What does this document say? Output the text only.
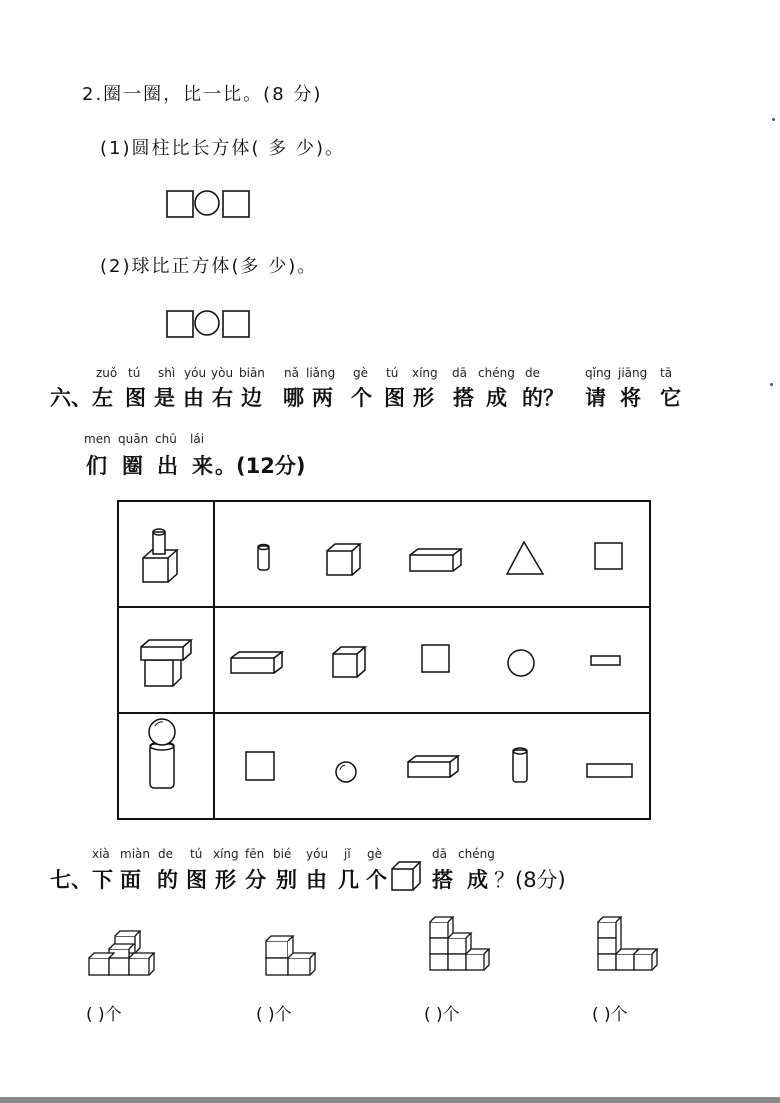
2.圈一圈，比一比。(8 分)
(1)圆柱比长方体( 多 少)。
(2)球比正方体(多 少)。
zuǒ tú shì yóu yòu biān nǎ liǎng gè tú xíng dā chéng de	qǐng jiāng tā
六、左 图 是 由 右 边 哪 两 个 图 形 搭 成 的？ 请 将 它
men quān chū lái
们 圈 出 来 。(12分)
xià miàn de tú xíng fēn bié yóu jǐ gè	dā chéng
七、下 面 的 图 形 分 别 由 几 个 搭 成 ？(8分)
( )个	( )个	( )个	( )个
